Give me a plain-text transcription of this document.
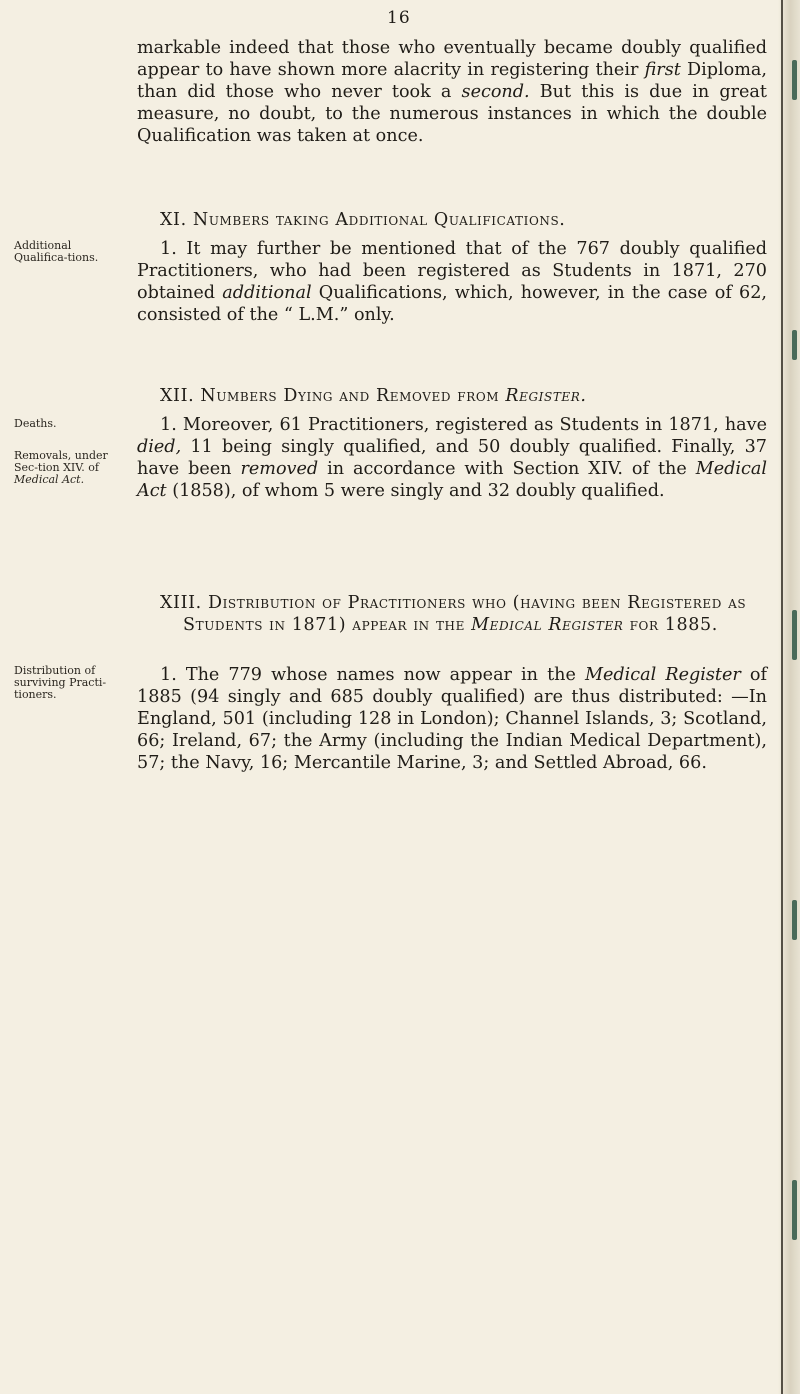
16

markable indeed that those who eventually became doubly qualified appear to have shown more alacrity in registering their first Diploma, than did those who never took a second. But this is due in great measure, no doubt, to the numerous instances in which the double Qualification was taken at once.

XI. Numbers taking Additional Qualifications.
Additional Qualifica-tions.	1. It may further be mentioned that of the 767 doubly qualified Practitioners, who had been registered as Students in 1871, 270 obtained additional Qualifications, which, however, in the case of 62, consisted of the “ L.M.” only.

XII. Numbers Dying and Removed from Register.
Deaths.
Removals, under Sec-tion XIV. of Medical Act.

1. Moreover, 61 Practitioners, registered as Students in 1871, have died, 11 being singly qualified, and 50 doubly qualified. Finally, 37 have been removed in accordance with Section XIV. of the Medical Act (1858), of whom 5 were singly and 32 doubly qualified.

XIII. Distribution of Practitioners who (having been Registered as Students in 1871) appear in the Medical Register for 1885.
Distribution of surviving Practi-tioners.

1. The 779 whose names now appear in the Medical Register of 1885 (94 singly and 685 doubly qualified) are thus distributed: —In England, 501 (including 128 in London); Channel Islands, 3; Scotland, 66; Ireland, 67; the Army (including the Indian Medical Department), 57; the Navy, 16; Mercantile Marine, 3; and Settled Abroad, 66.
